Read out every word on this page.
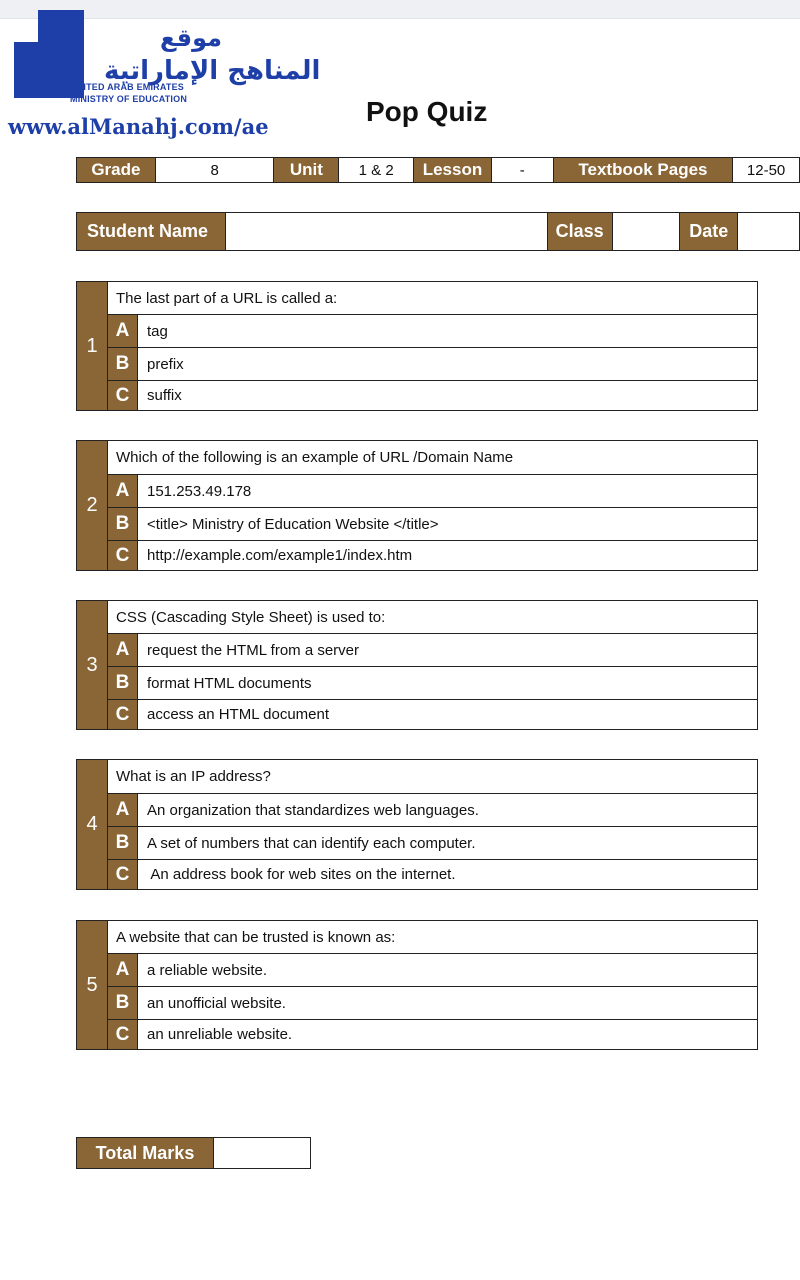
موقع
المناهج الإماراتية
UNITED ARAB EMIRATES
MINISTRY OF EDUCATION
www.alManahj.com/ae	Pop Quiz
Grade	8	Unit	1 & 2	Lesson	-	Textbook Pages	12-50
Student Name	Class	Date
1
The last part of a URL is called a:
A	tag
B	prefix
C	suffix
2
Which of the following is an example of URL /Domain Name
A	151.253.49.178
B	<title> Ministry of Education Website </title>
C	http://example.com/example1/index.htm
3
CSS (Cascading Style Sheet) is used to:
A	request the HTML from a server
B	format HTML documents
C	access an HTML document
4
What is an IP address?
A	An organization that standardizes web languages.
B	A set of numbers that can identify each computer.
C	An address book for web sites on the internet.
5
A website that can be trusted is known as:
A	a reliable website.
B	an unofficial website.
C	an unreliable website.
Total Marks
